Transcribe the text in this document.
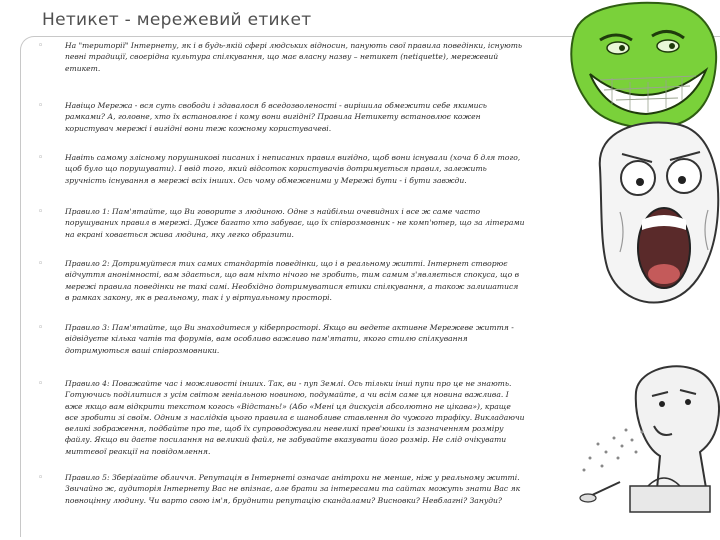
Нетикет - мережевий етикет
◦	На "території" Інтернету, як і в будь-якій сфері людських відносин, панують свої правила поведінки, існують певні традиції, своєрідна культура спілкування, що має власну назву – нетикет (netiquette), мережевий етикет.
◦	Навіщо Мережа - вся суть свободи і здавалося б вседозволеності - вирішила обмежити себе якимись рамками? А, головне, хто їх встановлює і кому вони вигідні? Правила Нетикету встановлює кожен користувач мережі і вигідні вони теж кожному користувачеві.
◦	Навіть самому злісному порушникові писаних і неписаних правил вигідно, щоб вони існували (хоча б для того, щоб було що порушувати). І ввід того, який відсоток користувачів дотримується правил, залежить зручність існування в мережі всіх інших. Ось чому обмеженими у Мережі бути - і бути завжди.
◦	Правило 1: Пам'ятайте, що Ви говорите з людиною. Одне з найбільш очевидних і все ж саме часто порушуваних правил в мережі. Дуже багато хто забуває, що їх співрозмовник - не комп'ютер, що за літерами на екрані ховається жива людина, яку легко образити.
◦	Правило 2: Дотримуйтеся тих самих стандартів поведінки, що і в реальному житті. Інтернет створює відчуття анонімності, вам здається, що вам ніхто нічого не зробить, тим самим з'являється спокуса, що в мережі правила поведінки не такі самі. Необхідно дотримуватися етики спілкування, а також залишатися в рамках закону, як в реальному, так і у віртуальному просторі.
◦	Правило 3: Пам'ятайте, що Ви знаходитеся у кіберпросторі. Якщо ви ведете активне Мережеве життя - відвідуєте кілька чатів та форумів, вам особливо важливо пам'ятати, якого стилю спілкування дотримуються ваші співрозмовники.
◦	Правило 4: Поважайте час і можливості інших. Так, ви - пуп Землі. Ось тільки інші пупи про це не знають. Готуючись поділитися з усім світом геніальною новиною, подумайте, а чи всім саме ця новина важлива. І вже якщо вам відкрити текстом когось «Відстань!» (Або «Мені ця дискусія абсолютно не цікава»), краще все зробити зі своїм. Одним з наслідків цього правила є шанобливе ставлення до чужого трафіку. Викладаючи великі зображення, подбайте про те, щоб їх супроводжували невеликі прев'юшки із зазначенням розміру файлу. Якщо ви даєте посилання на великий файл, не забувайте вказувати його розмір. Не слід очікувати миттєвої реакції на повідомлення.
◦	Правило 5: Зберігайте обличчя. Репутація в Інтернеті означає анітрохи не менше, ніж у реальному житті. Звичайно ж, аудиторія Інтернету Вас не впізнає, але брати за інтересами та сайтах можуть знати Вас як повноцінну людину. Чи варто свою ім'я, бруднити репутацію скандалами? Висновки? Невблагні? Зануди?
